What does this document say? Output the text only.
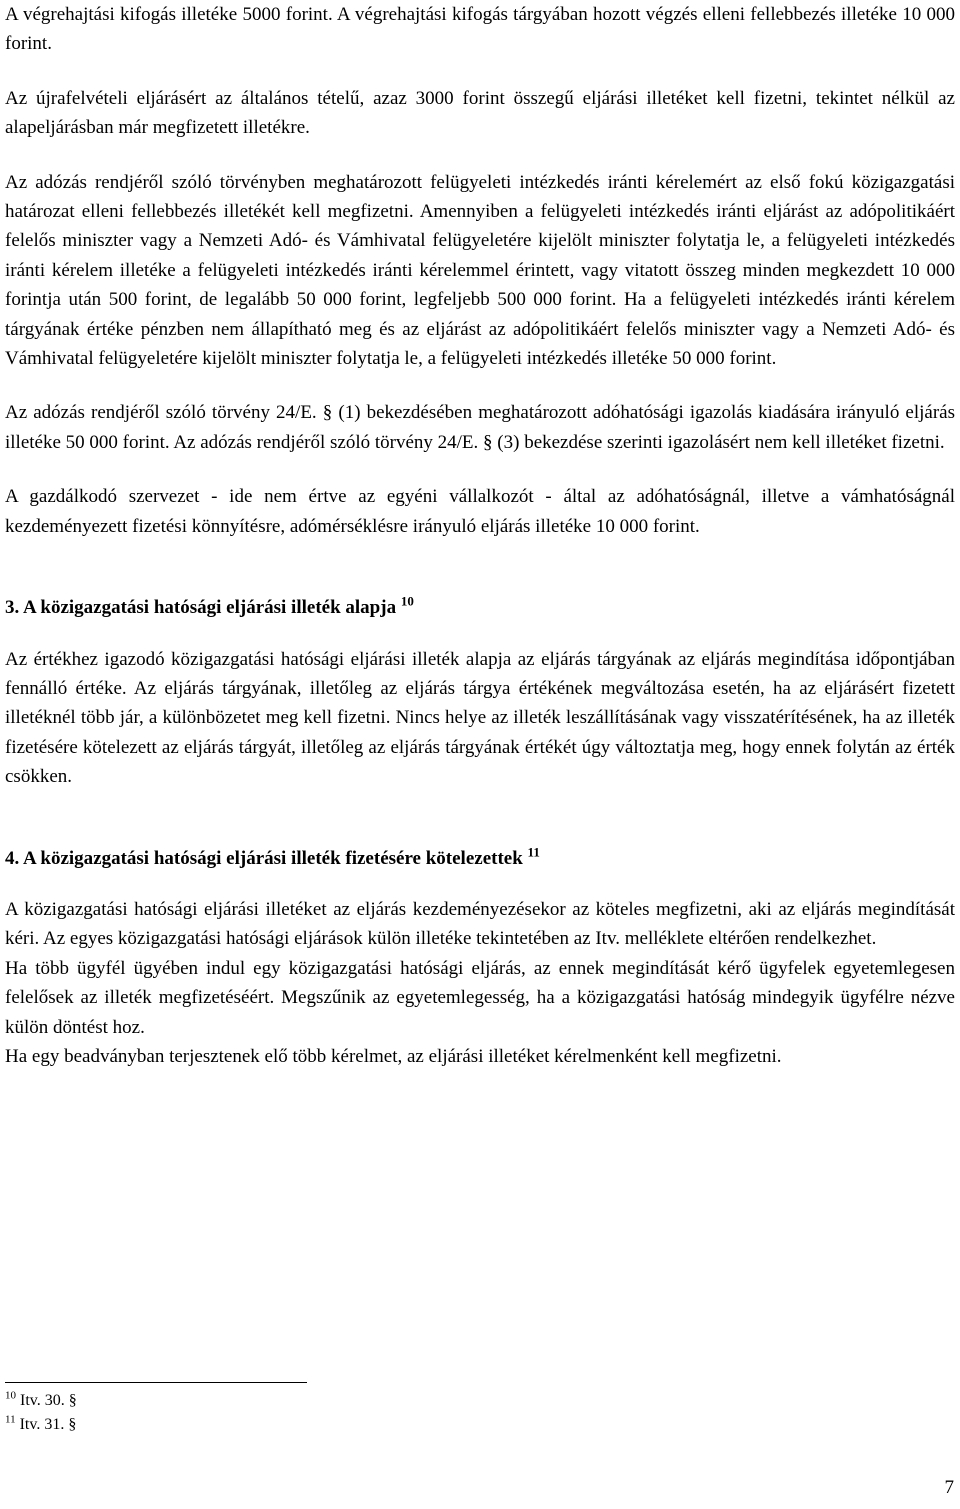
A végrehajtási kifogás illetéke 5000 forint. A végrehajtási kifogás tárgyában hozott végzés elleni fellebbezés illetéke 10 000 forint.

Az újrafelvételi eljárásért az általános tételű, azaz 3000 forint összegű eljárási illetéket kell fizetni, tekintet nélkül az alapeljárásban már megfizetett illetékre.

Az adózás rendjéről szóló törvényben meghatározott felügyeleti intézkedés iránti kérelemért az első fokú közigazgatási határozat elleni fellebbezés illetékét kell megfizetni. Amennyiben a felügyeleti intézkedés iránti eljárást az adópolitikáért felelős miniszter vagy a Nemzeti Adó- és Vámhivatal felügyeletére kijelölt miniszter folytatja le, a felügyeleti intézkedés iránti kérelem illetéke a felügyeleti intézkedés iránti kérelemmel érintett, vagy vitatott összeg minden megkezdett 10 000 forintja után 500 forint, de legalább 50 000 forint, legfeljebb 500 000 forint. Ha a felügyeleti intézkedés iránti kérelem tárgyának értéke pénzben nem állapítható meg és az eljárást az adópolitikáért felelős miniszter vagy a Nemzeti Adó- és Vámhivatal felügyeletére kijelölt miniszter folytatja le, a felügyeleti intézkedés illetéke 50 000 forint.

Az adózás rendjéről szóló törvény 24/E. § (1) bekezdésében meghatározott adóhatósági igazolás kiadására irányuló eljárás illetéke 50 000 forint. Az adózás rendjéről szóló törvény 24/E. § (3) bekezdése szerinti igazolásért nem kell illetéket fizetni.

A gazdálkodó szervezet - ide nem értve az egyéni vállalkozót - által az adóhatóságnál, illetve a vámhatóságnál kezdeményezett fizetési könnyítésre, adómérséklésre irányuló eljárás illetéke 10 000 forint.

3. A közigazgatási hatósági eljárási illeték alapja $^{10}$

Az értékhez igazodó közigazgatási hatósági eljárási illeték alapja az eljárás tárgyának az eljárás megindítása időpontjában fennálló értéke. Az eljárás tárgyának, illetőleg az eljárás tárgya értékének megváltozása esetén, ha az eljárásért fizetett illetéknél több jár, a különbözetet meg kell fizetni. Nincs helye az illeték leszállításának vagy visszatérítésének, ha az illeték fizetésére kötelezett az eljárás tárgyát, illetőleg az eljárás tárgyának értékét úgy változtatja meg, hogy ennek folytán az érték csökken.

4. A közigazgatási hatósági eljárási illeték fizetésére kötelezettek $^{11}$

A közigazgatási hatósági eljárási illetéket az eljárás kezdeményezésekor az köteles megfizetni, aki az eljárás megindítását kéri. Az egyes közigazgatási hatósági eljárások külön illetéke tekintetében az Itv. melléklete eltérően rendelkezhet.

Ha több ügyfél ügyében indul egy közigazgatási hatósági eljárás, az ennek megindítását kérő ügyfelek egyetemlegesen felelősek az illeték megfizetéséért. Megszűnik az egyetemlegesség, ha a közigazgatási hatóság mindegyik ügyfélre nézve külön döntést hoz.

Ha egy beadványban terjesztenek elő több kérelmet, az eljárási illetéket kérelmenként kell megfizetni.

$^{10}$ Itv. 30. §
$^{11}$ Itv. 31. §
7
